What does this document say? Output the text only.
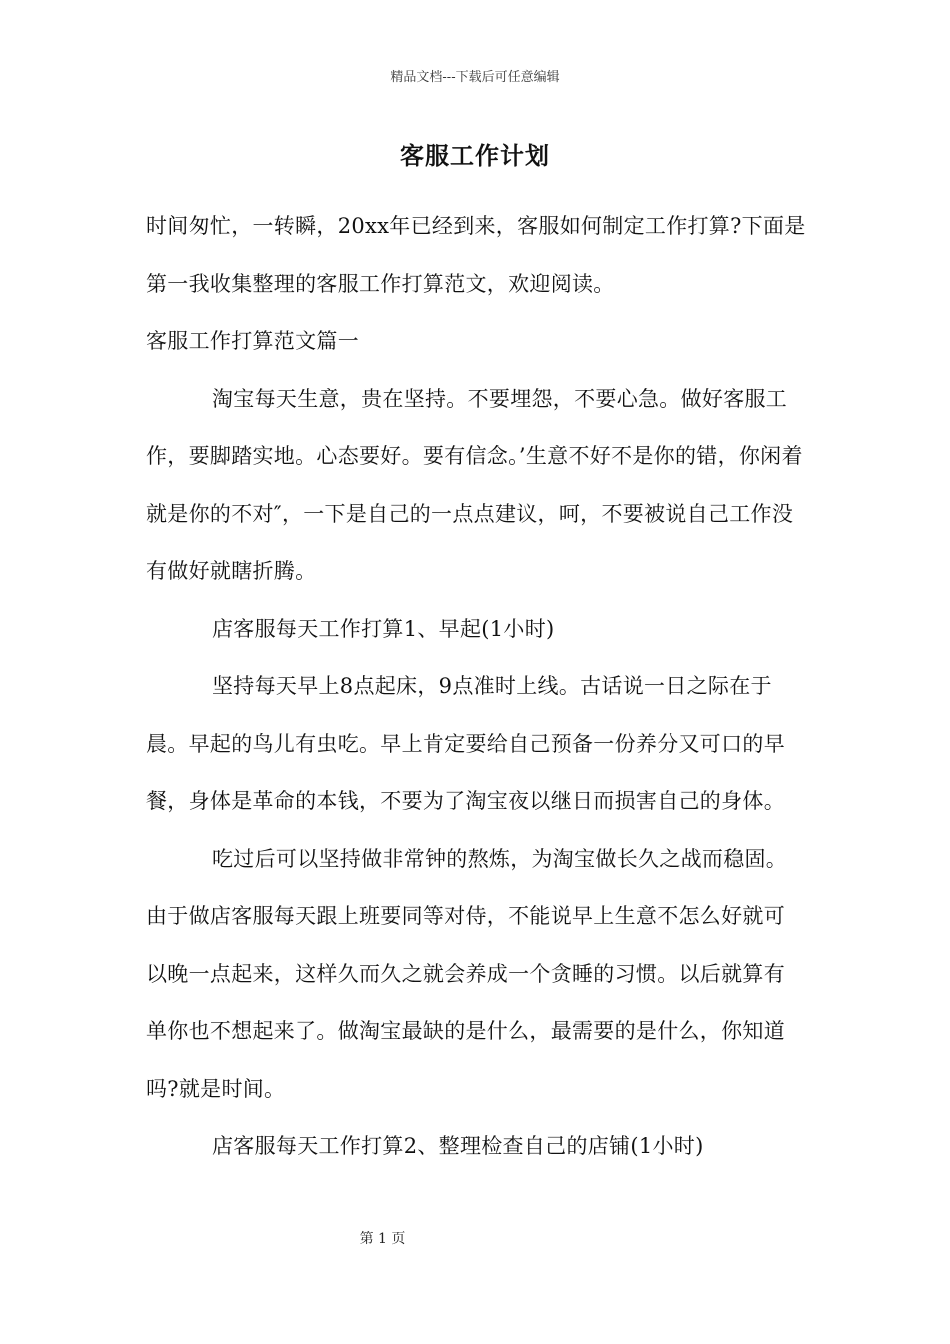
精品文档---下载后可任意编辑
客服工作计划

时间匆忙，一转瞬，20xx年已经到来，客服如何制定工作打算?下面是第一我收集整理的客服工作打算范文，欢迎阅读。

客服工作打算范文篇一

淘宝每天生意，贵在坚持。不要埋怨，不要心急。做好客服工作，要脚踏实地。心态要好。要有信念。’生意不好不是你的错，你闲着就是你的不对″，一下是自己的一点点建议，呵，不要被说自己工作没有做好就瞎折腾。

店客服每天工作打算1、早起(1小时)

坚持每天早上8点起床，9点准时上线。古话说一日之际在于晨。早起的鸟儿有虫吃。早上肯定要给自己预备一份养分又可口的早餐，身体是革命的本钱，不要为了淘宝夜以继日而损害自己的身体。

吃过后可以坚持做非常钟的熬炼，为淘宝做长久之战而稳固。由于做店客服每天跟上班要同等对侍，不能说早上生意不怎么好就可以晚一点起来，这样久而久之就会养成一个贪睡的习惯。以后就算有单你也不想起来了。做淘宝最缺的是什么，最需要的是什么，你知道吗?就是时间。

店客服每天工作打算2、整理检查自己的店铺(1小时)

第 1 页
